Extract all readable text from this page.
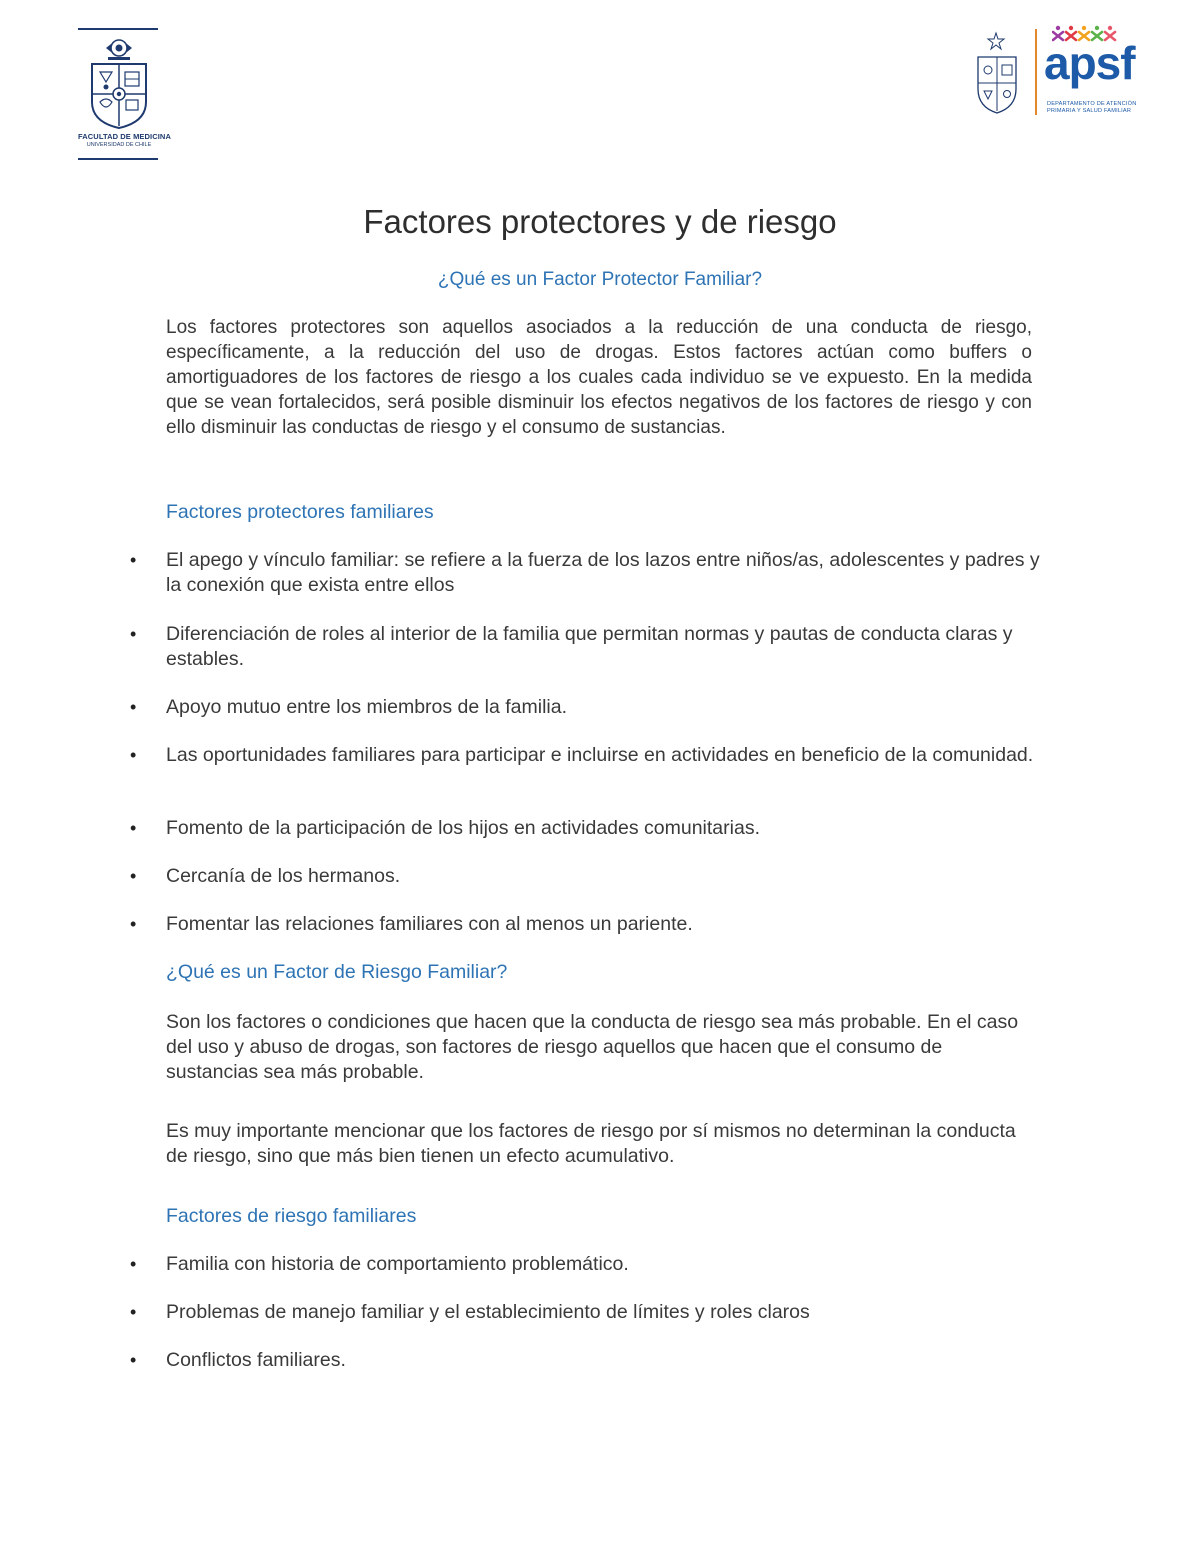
FACULTAD DE MEDICINA
UNIVERSIDAD DE CHILE
apsf
DEPARTAMENTO DE ATENCIÓN
PRIMARIA Y SALUD FAMILIAR
Factores protectores y de riesgo
¿Qué es un Factor Protector Familiar?

Los factores protectores son aquellos asociados a la reducción de una conducta de riesgo, específicamente, a la reducción del uso de drogas. Estos factores actúan como buffers o amortiguadores de los factores de riesgo a los cuales cada individuo se ve expuesto. En la medida que se vean fortalecidos, será posible disminuir los efectos negativos de los factores de riesgo y con ello disminuir las conductas de riesgo y el consumo de sustancias.

Factores protectores familiares
•	El apego y vínculo familiar: se refiere a la fuerza de los lazos entre niños/as, adolescentes y padres y la conexión que exista entre ellos
•	Diferenciación de roles al interior de la familia que permitan normas y pautas de conducta claras y estables.
•	Apoyo mutuo entre los miembros de la familia.
•	Las oportunidades familiares para participar e incluirse en actividades en beneficio de la comunidad.
•	Fomento de la participación de los hijos en actividades comunitarias.
•	Cercanía de los hermanos.
•	Fomentar las relaciones familiares con al menos un pariente.
¿Qué es un Factor de Riesgo Familiar?

Son los factores o condiciones que hacen que la conducta de riesgo sea más probable. En el caso del uso y abuso de drogas, son factores de riesgo aquellos que hacen que el consumo de sustancias sea más probable.

Es muy importante mencionar que los factores de riesgo por sí mismos no determinan la conducta de riesgo, sino que más bien tienen un efecto acumulativo.

Factores de riesgo familiares
•	Familia con historia de comportamiento problemático.
•	Problemas de manejo familiar y el establecimiento de límites y roles claros
•	Conflictos familiares.
